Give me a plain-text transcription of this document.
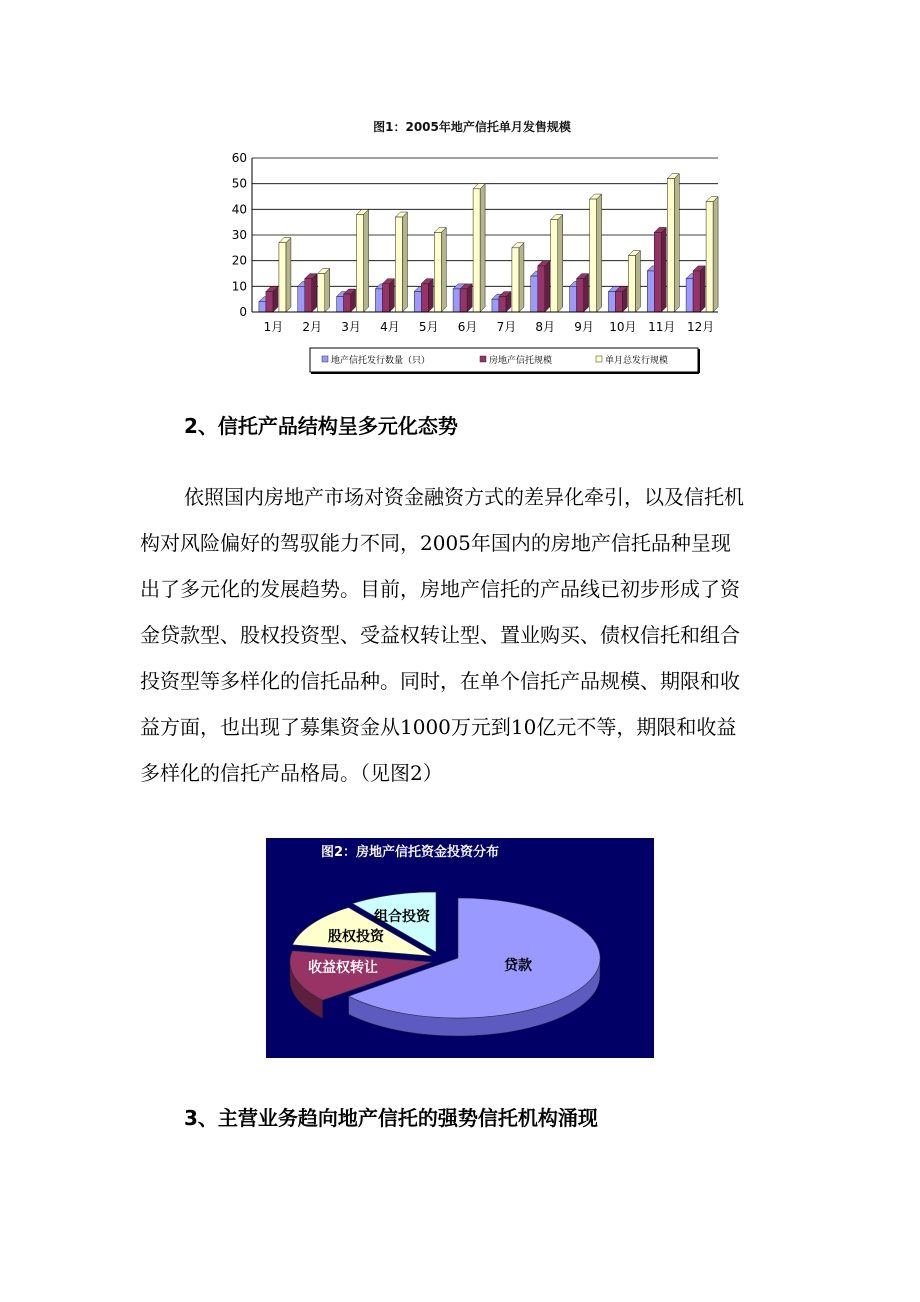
图1：2005年地产信托单月发售规模
0
10
20
30
40
50
60
1月 2月 3月 4月 5月 6月 7月 8月 9月 10月 11月 12月
地产信托发行数量（只）	房地产信托规模	单月总发行规模
2、信托产品结构呈多元化态势
依照国内房地产市场对资金融资方式的差异化牵引，以及信托机
构对风险偏好的驾驭能力不同，2005年国内的房地产信托品种呈现
出了多元化的发展趋势。目前，房地产信托的产品线已初步形成了资
金贷款型、股权投资型、受益权转让型、置业购买、债权信托和组合
投资型等多样化的信托品种。同时，在单个信托产品规模、期限和收
益方面，也出现了募集资金从1000万元到10亿元不等，期限和收益
多样化的信托产品格局。（见图2）
图2：房地产信托资金投资分布
贷款
收益权转让
股权投资
组合投资
3、主营业务趋向地产信托的强势信托机构涌现
